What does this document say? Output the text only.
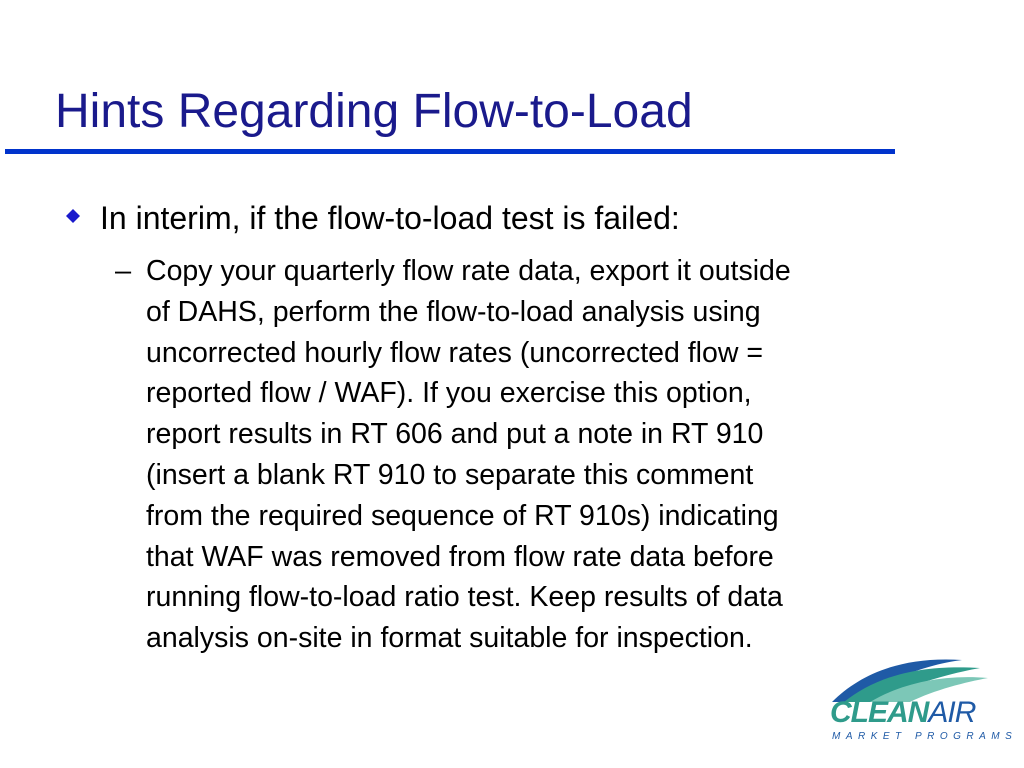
Hints Regarding Flow-to-Load
In interim, if the flow-to-load test is failed:
– Copy your quarterly flow rate data, export it outside
of DAHS, perform the flow-to-load analysis using
uncorrected hourly flow rates (uncorrected flow =
reported flow / WAF). If you exercise this option,
report results in RT 606 and put a note in RT 910
(insert a blank RT 910 to separate this comment
from the required sequence of RT 910s) indicating
that WAF was removed from flow rate data before
running flow-to-load ratio test. Keep results of data
analysis on-site in format suitable for inspection.
CLEANAIR
MARKET PROGRAMS
